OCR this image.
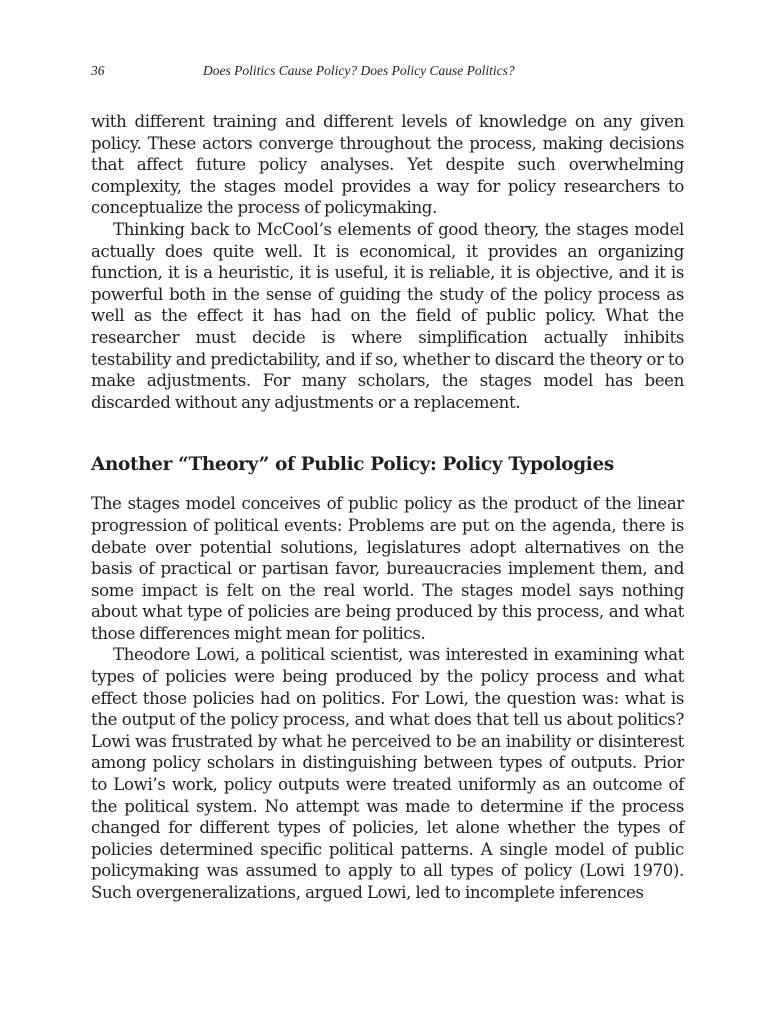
36	Does Politics Cause Policy? Does Policy Cause Politics?

with different training and different levels of knowledge on any given policy. These actors converge throughout the process, making decisions that affect future policy analyses. Yet despite such overwhelming complexity, the stages model provides a way for policy researchers to conceptualize the process of policymaking.

Thinking back to McCool’s elements of good theory, the stages model actually does quite well. It is economical, it provides an organizing function, it is a heuristic, it is useful, it is reliable, it is objective, and it is powerful both in the sense of guiding the study of the policy process as well as the effect it has had on the field of public policy. What the researcher must decide is where simplification actually inhibits testability and predictability, and if so, whether to discard the theory or to make adjustments. For many scholars, the stages model has been discarded without any adjustments or a replacement.

Another “Theory” of Public Policy: Policy Typologies

The stages model conceives of public policy as the product of the linear progression of political events: Problems are put on the agenda, there is debate over potential solutions, legislatures adopt alternatives on the basis of practical or partisan favor, bureaucracies implement them, and some impact is felt on the real world. The stages model says nothing about what type of policies are being produced by this process, and what those differences might mean for politics.

Theodore Lowi, a political scientist, was interested in examining what types of policies were being produced by the policy process and what effect those policies had on politics. For Lowi, the question was: what is the output of the policy process, and what does that tell us about politics? Lowi was frustrated by what he perceived to be an inability or disinterest among policy scholars in distinguishing between types of outputs. Prior to Lowi’s work, policy outputs were treated uniformly as an outcome of the political system. No attempt was made to determine if the process changed for different types of policies, let alone whether the types of policies determined specific political patterns. A single model of public policymaking was assumed to apply to all types of policy (Lowi 1970). Such overgeneralizations, argued Lowi, led to incomplete inferences
